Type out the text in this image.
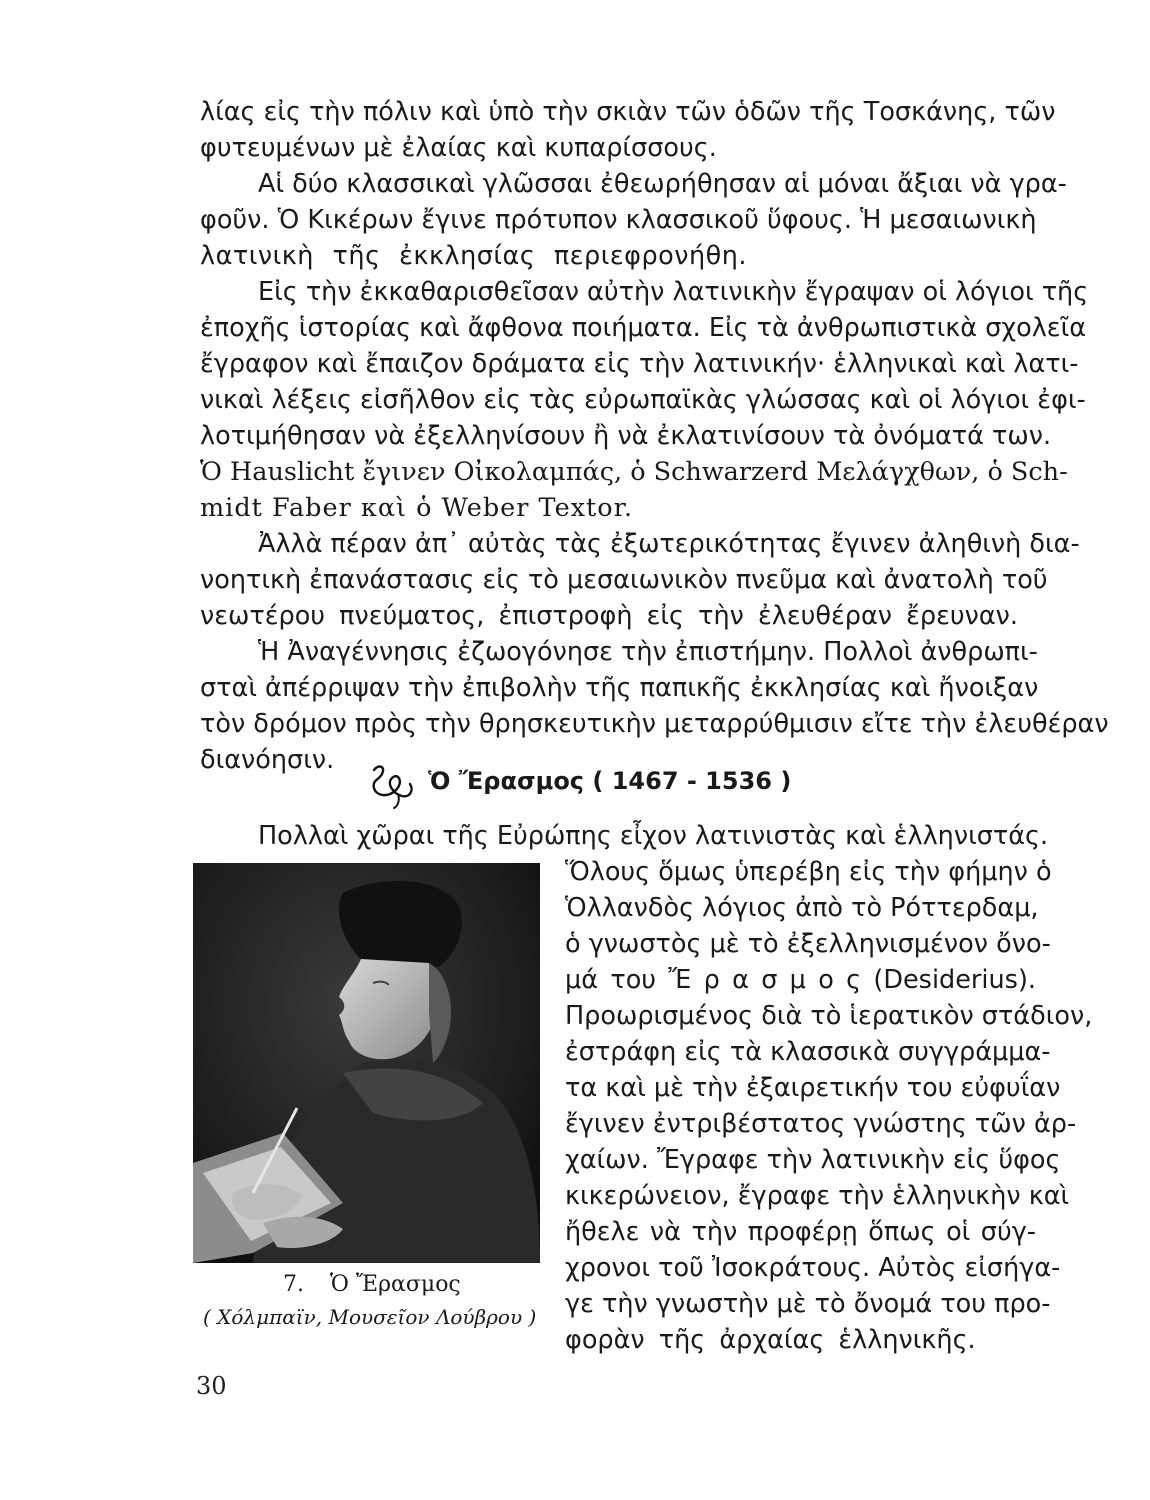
λίας εἰς τὴν πόλιν καὶ ὑπὸ τὴν σκιὰν τῶν ὁδῶν τῆς Τοσκάνης, τῶν
φυτευμένων μὲ ἐλαίας καὶ κυπαρίσσους.
Αἱ δύο κλασσικαὶ γλῶσσαι ἐθεωρήθησαν αἱ μόναι ἄξιαι νὰ γρα-
φοῦν. Ὁ Κικέρων ἔγινε πρότυπον κλασσικοῦ ὕφους. Ἡ μεσαιωνικὴ
λατινικὴ τῆς ἐκκλησίας περιεφρονήθη.
Εἰς τὴν ἐκκαθαρισθεῖσαν αὐτὴν λατινικὴν ἔγραψαν οἱ λόγιοι τῆς
ἐποχῆς ἱστορίας καὶ ἄφθονα ποιήματα. Εἰς τὰ ἀνθρωπιστικὰ σχολεῖα
ἔγραφον καὶ ἔπαιζον δράματα εἰς τὴν λατινικήν· ἑλληνικαὶ καὶ λατι-
νικαὶ λέξεις εἰσῆλθον εἰς τὰς εὐρωπαϊκὰς γλώσσας καὶ οἱ λόγιοι ἐφι-
λοτιμήθησαν νὰ ἐξελληνίσουν ἢ νὰ ἐκλατινίσουν τὰ ὀνόματά των.
Ὁ Hauslicht ἔγινεν Οἰκολαμπάς, ὁ Schwarzerd Μελάγχθων, ὁ Sch-
midt Faber καὶ ὁ Weber Textor.
Ἀλλὰ πέραν ἀπ᾽ αὐτὰς τὰς ἐξωτερικότητας ἔγινεν ἀληθινὴ δια-
νοητικὴ ἐπανάστασις εἰς τὸ μεσαιωνικὸν πνεῦμα καὶ ἀνατολὴ τοῦ
νεωτέρου πνεύματος, ἐπιστροφὴ εἰς τὴν ἐλευθέραν ἔρευναν.
Ἡ Ἀναγέννησις ἐζωογόνησε τὴν ἐπιστήμην. Πολλοὶ ἀνθρωπι-
σταὶ ἀπέρριψαν τὴν ἐπιβολὴν τῆς παπικῆς ἐκκλησίας καὶ ἤνοιξαν
τὸν δρόμον πρὸς τὴν θρησκευτικὴν μεταρρύθμισιν εἴτε τὴν ἐλευθέραν
διανόησιν.
Ὁ Ἔρασμος ( 1467 - 1536 )
Πολλαὶ χῶραι τῆς Εὐρώπης εἶχον λατινιστὰς καὶ ἑλληνιστάς.
7. Ὁ Ἔρασμος
( Χόλμπαϊν, Μουσεῖον Λούβρου )
Ὅλους ὅμως ὑπερέβη εἰς τὴν φήμην ὁ
Ὁλλανδὸς λόγιος ἀπὸ τὸ Ρόττερδαμ,
ὁ γνωστὸς μὲ τὸ ἐξελληνισμένον ὄνο-
μά του Ἔ ρ α σ μ ο ς (Desiderius).
Προωρισμένος διὰ τὸ ἱερατικὸν στάδιον,
ἐστράφη εἰς τὰ κλασσικὰ συγγράμμα-
τα καὶ μὲ τὴν ἐξαιρετικήν του εὐφυΐαν
ἔγινεν ἐντριβέστατος γνώστης τῶν ἀρ-
χαίων. Ἔγραφε τὴν λατινικὴν εἰς ὕφος
κικερώνειον, ἔγραφε τὴν ἑλληνικὴν καὶ
ἤθελε νὰ τὴν προφέρῃ ὅπως οἱ σύγ-
χρονοι τοῦ Ἰσοκράτους. Αὐτὸς εἰσήγα-
γε τὴν γνωστὴν μὲ τὸ ὄνομά του προ-
φορὰν τῆς ἀρχαίας ἑλληνικῆς.
30
